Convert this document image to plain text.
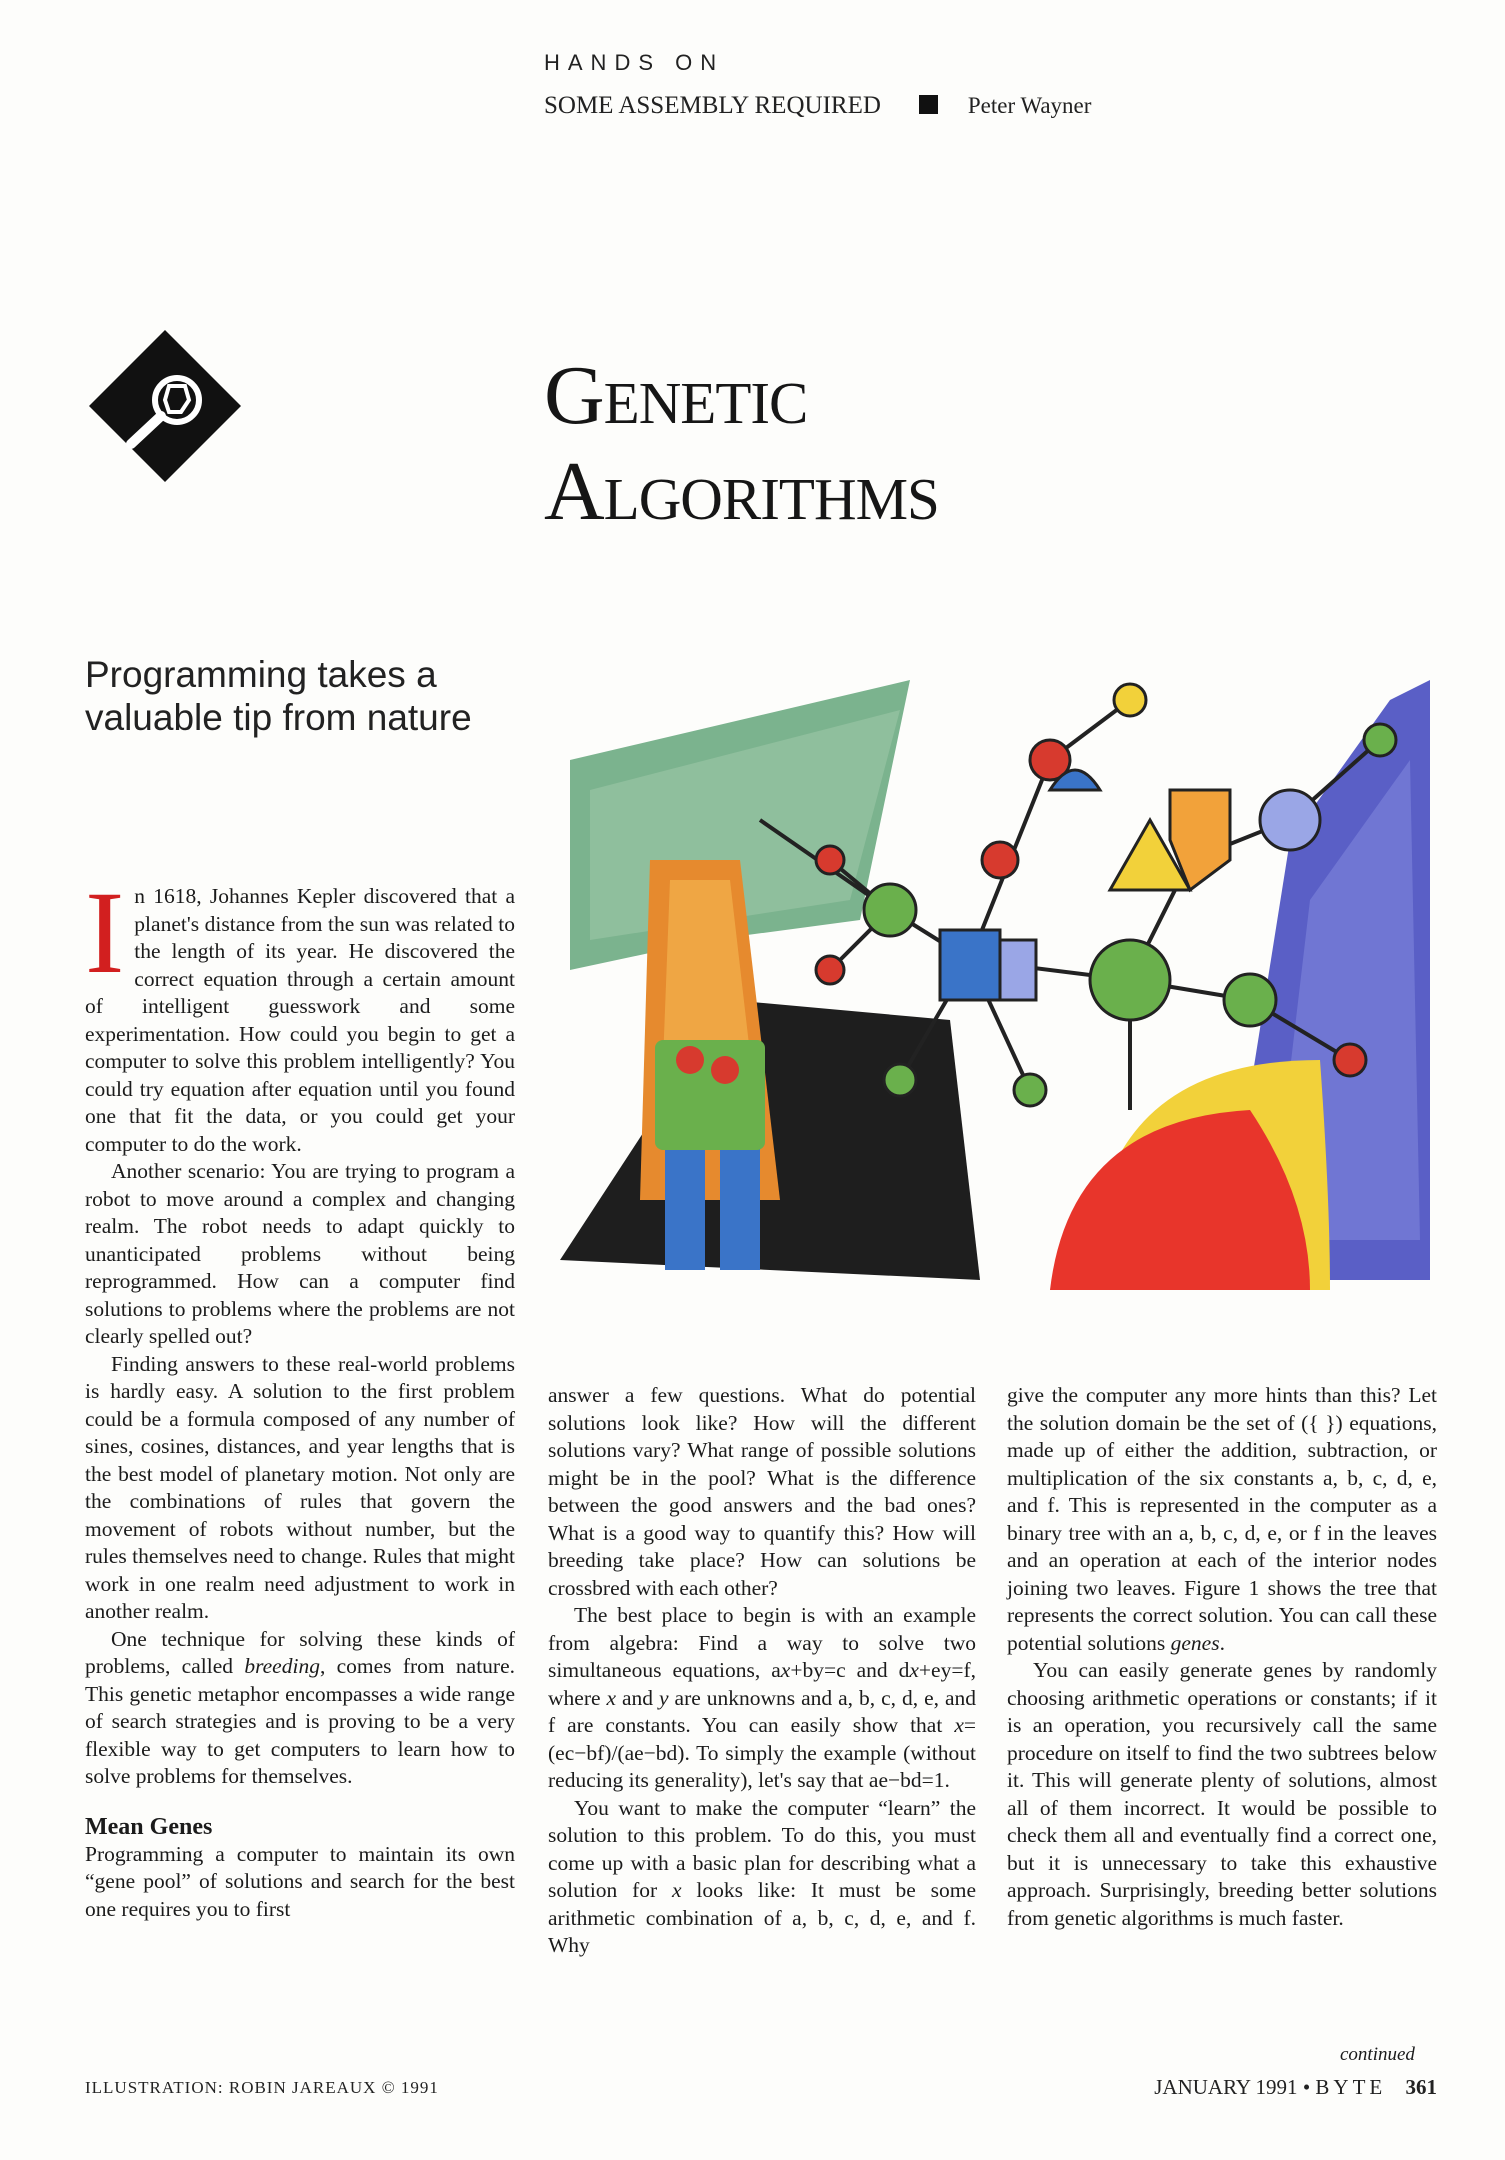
HANDS ON
SOME ASSEMBLY REQUIRED	Peter Wayner
Genetic
Algorithms
Programming takes a valuable tip from nature

In 1618, Johannes Kepler discovered that a planet's distance from the sun was related to the length of its year. He discovered the correct equation through a certain amount of intelligent guesswork and some experimentation. How could you begin to get a computer to solve this problem intelligently? You could try equation after equation until you found one that fit the data, or you could get your computer to do the work.

Another scenario: You are trying to program a robot to move around a complex and changing realm. The robot needs to adapt quickly to unanticipated problems without being reprogrammed. How can a computer find solutions to problems where the problems are not clearly spelled out?

Finding answers to these real-world problems is hardly easy. A solution to the first problem could be a formula composed of any number of sines, cosines, distances, and year lengths that is the best model of planetary motion. Not only are the combinations of rules that govern the movement of robots without number, but the rules themselves need to change. Rules that might work in one realm need adjustment to work in another realm.

One technique for solving these kinds of problems, called breeding, comes from nature. This genetic metaphor encompasses a wide range of search strategies and is proving to be a very flexible way to get computers to learn how to solve problems for themselves.

Mean Genes

Programming a computer to maintain its own “gene pool” of solutions and search for the best one requires you to first

answer a few questions. What do potential solutions look like? How will the different solutions vary? What range of possible solutions might be in the pool? What is the difference between the good answers and the bad ones? What is a good way to quantify this? How will breeding take place? How can solutions be crossbred with each other?

The best place to begin is with an example from algebra: Find a way to solve two simultaneous equations, ax+by=c and dx+ey=f, where x and y are unknowns and a, b, c, d, e, and f are constants. You can easily show that x= (ec−bf)/(ae−bd). To simply the example (without reducing its generality), let's say that ae−bd=1.

You want to make the computer “learn” the solution to this problem. To do this, you must come up with a basic plan for describing what a solution for x looks like: It must be some arithmetic combination of a, b, c, d, e, and f. Why

give the computer any more hints than this? Let the solution domain be the set of ({ }) equations, made up of either the addition, subtraction, or multiplication of the six constants a, b, c, d, e, and f. This is represented in the computer as a binary tree with an a, b, c, d, e, or f in the leaves and an operation at each of the interior nodes joining two leaves. Figure 1 shows the tree that represents the correct solution. You can call these potential solutions genes.

You can easily generate genes by randomly choosing arithmetic operations or constants; if it is an operation, you recursively call the same procedure on itself to find the two subtrees below it. This will generate plenty of solutions, almost all of them incorrect. It would be possible to check them all and eventually find a correct one, but it is unnecessary to take this exhaustive approach. Surprisingly, breeding better solutions from genetic algorithms is much faster.

continued
ILLUSTRATION: ROBIN JAREAUX © 1991	JANUARY 1991 • BYTE 361
